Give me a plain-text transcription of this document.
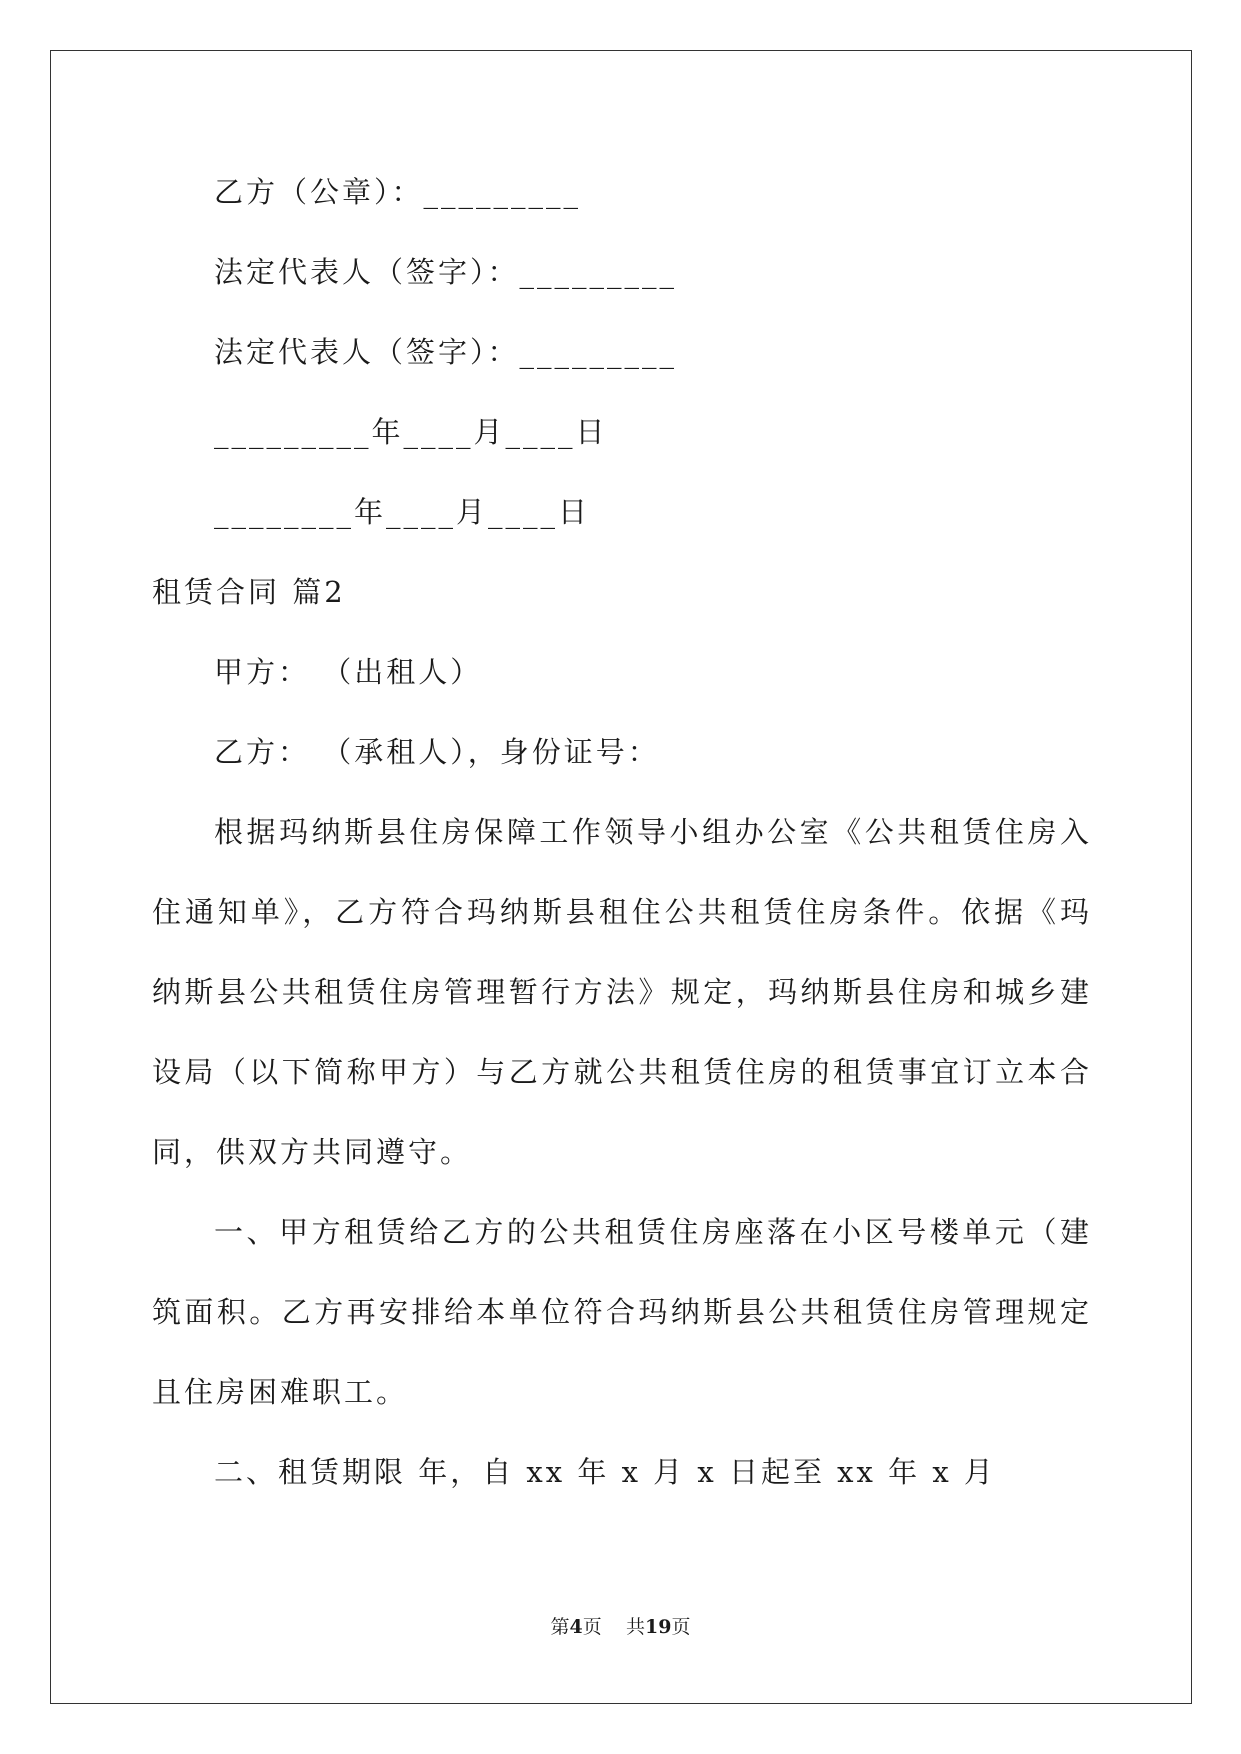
乙方（公章）：_________
法定代表人（签字）：_________
法定代表人（签字）：_________
_________年____月____日
________年____月____日
租赁合同 篇2
甲方： （出租人）
乙方： （承租人），身份证号：
根据玛纳斯县住房保障工作领导小组办公室《公共租赁住房入住通知单》，乙方符合玛纳斯县租住公共租赁住房条件。依据《玛纳斯县公共租赁住房管理暂行方法》规定，玛纳斯县住房和城乡建设局（以下简称甲方）与乙方就公共租赁住房的租赁事宜订立本合同，供双方共同遵守。
一、甲方租赁给乙方的公共租赁住房座落在小区号楼单元（建筑面积。乙方再安排给本单位符合玛纳斯县公共租赁住房管理规定且住房困难职工。
二、租赁期限 年，自 xx 年 x 月 x 日起至 xx 年 x 月
第4页 共19页
